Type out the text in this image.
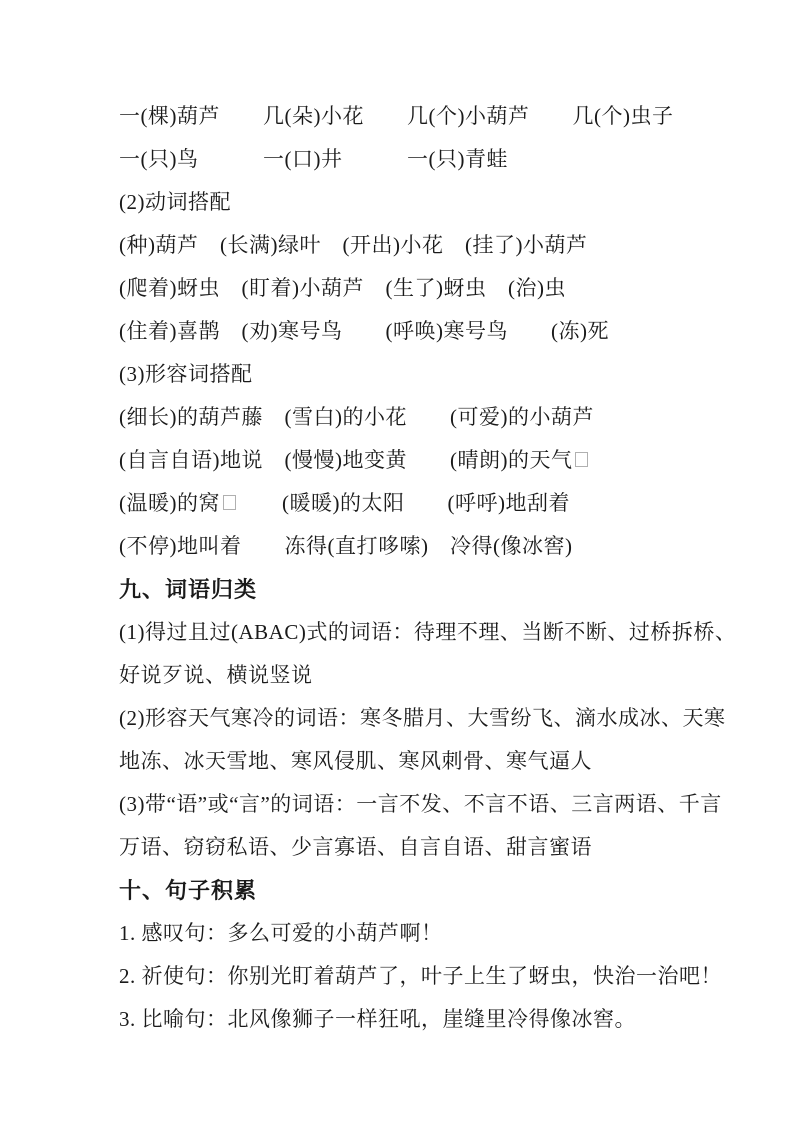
一(棵)葫芦　　几(朵)小花　　几(个)小葫芦　　几(个)虫子
一(只)鸟　　　一(口)井　　　一(只)青蛙
(2)动词搭配
(种)葫芦　(长满)绿叶　(开出)小花　(挂了)小葫芦
(爬着)蚜虫　(盯着)小葫芦　(生了)蚜虫　(治)虫
(住着)喜鹊　(劝)寒号鸟　　(呼唤)寒号鸟　　(冻)死
(3)形容词搭配
(细长)的葫芦藤　(雪白)的小花　　(可爱)的小葫芦
(自言自语)地说　(慢慢)地变黄　　(晴朗)的天气
(温暖)的窝　　(暖暖)的太阳　　(呼呼)地刮着
(不停)地叫着　　冻得(直打哆嗦)　冷得(像冰窖)
九、词语归类
(1)得过且过(ABAC)式的词语：待理不理、当断不断、过桥拆桥、
好说歹说、横说竖说
(2)形容天气寒冷的词语：寒冬腊月、大雪纷飞、滴水成冰、天寒
地冻、冰天雪地、寒风侵肌、寒风刺骨、寒气逼人
(3)带“语”或“言”的词语：一言不发、不言不语、三言两语、千言
万语、窃窃私语、少言寡语、自言自语、甜言蜜语
十、句子积累
1. 感叹句：多么可爱的小葫芦啊！
2. 祈使句：你别光盯着葫芦了，叶子上生了蚜虫，快治一治吧！
3. 比喻句：北风像狮子一样狂吼，崖缝里冷得像冰窖。
